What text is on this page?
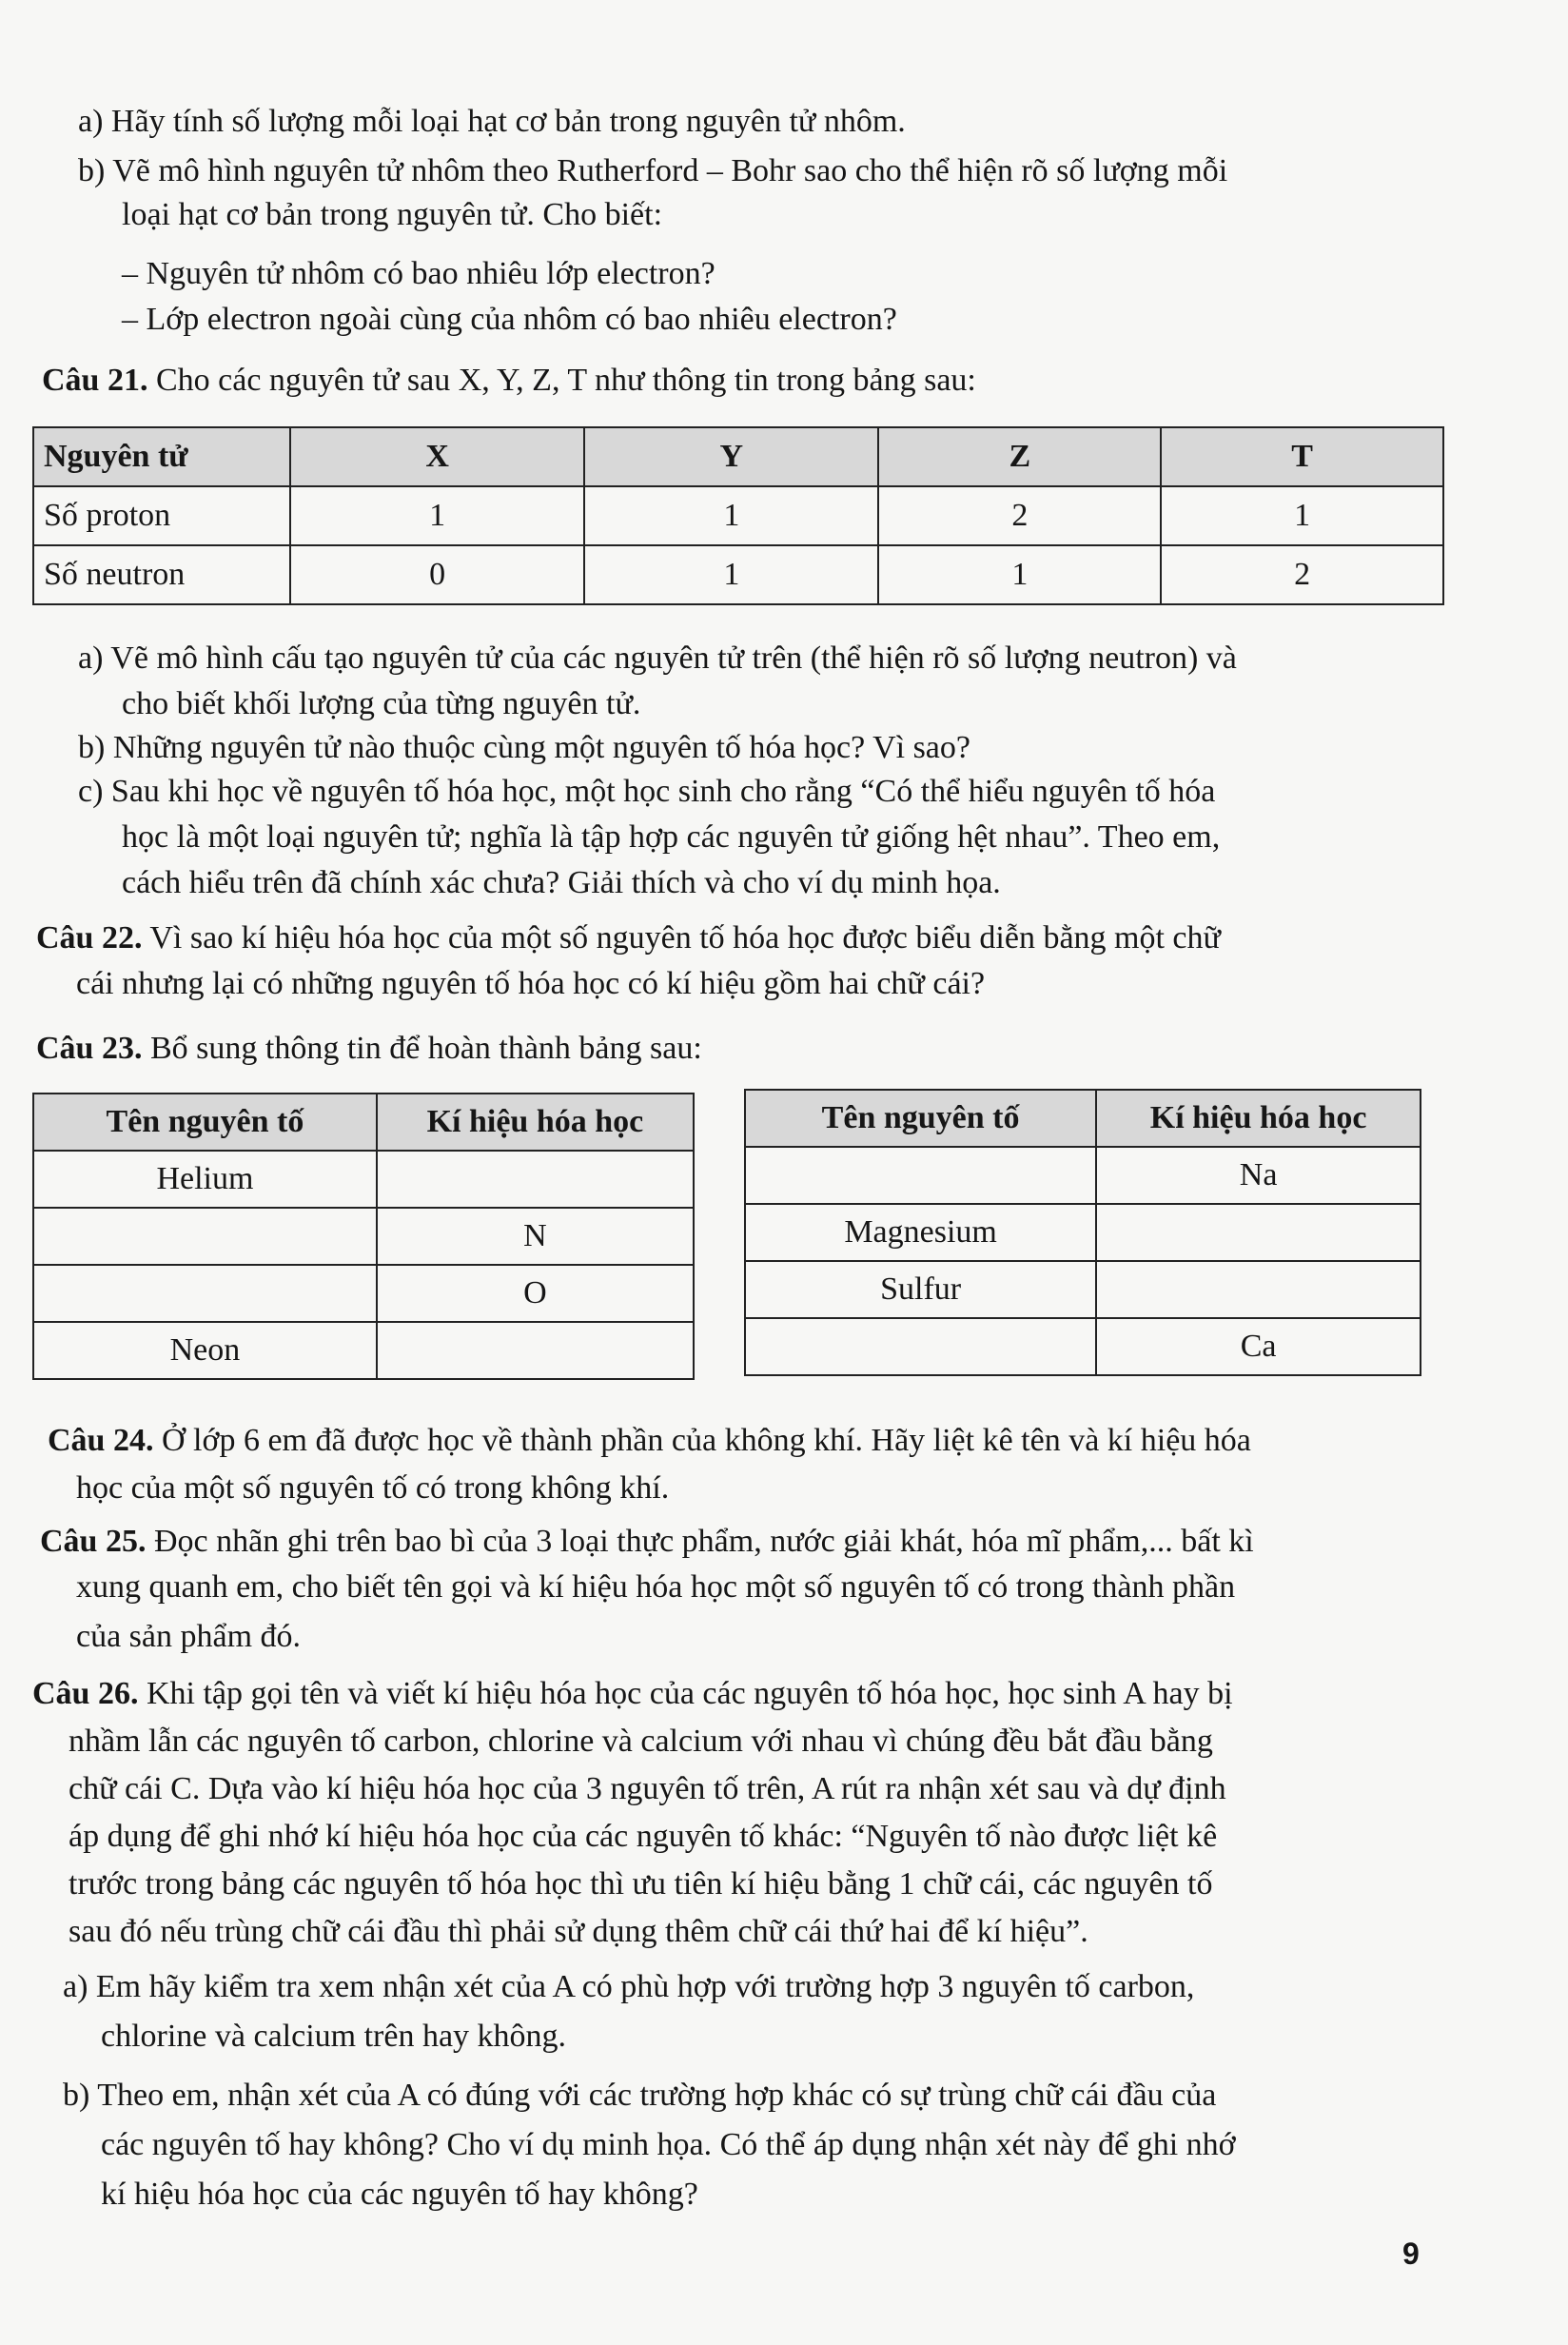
a) Hãy tính số lượng mỗi loại hạt cơ bản trong nguyên tử nhôm.
b) Vẽ mô hình nguyên tử nhôm theo Rutherford – Bohr sao cho thể hiện rõ số lượng mỗi
loại hạt cơ bản trong nguyên tử. Cho biết:
– Nguyên tử nhôm có bao nhiêu lớp electron?
– Lớp electron ngoài cùng của nhôm có bao nhiêu electron?
Câu 21. Cho các nguyên tử sau X, Y, Z, T như thông tin trong bảng sau:
Nguyên tử	X	Y	Z	T
Số proton	1	1	2	1
Số neutron	0	1	1	2
a) Vẽ mô hình cấu tạo nguyên tử của các nguyên tử trên (thể hiện rõ số lượng neutron) và
cho biết khối lượng của từng nguyên tử.
b) Những nguyên tử nào thuộc cùng một nguyên tố hóa học? Vì sao?
c) Sau khi học về nguyên tố hóa học, một học sinh cho rằng “Có thể hiểu nguyên tố hóa
học là một loại nguyên tử; nghĩa là tập hợp các nguyên tử giống hệt nhau”. Theo em,
cách hiểu trên đã chính xác chưa? Giải thích và cho ví dụ minh họa.
Câu 22. Vì sao kí hiệu hóa học của một số nguyên tố hóa học được biểu diễn bằng một chữ
cái nhưng lại có những nguyên tố hóa học có kí hiệu gồm hai chữ cái?
Câu 23. Bổ sung thông tin để hoàn thành bảng sau:
Tên nguyên tố	Kí hiệu hóa học
Helium	
	N
	O
Neon	
Tên nguyên tố	Kí hiệu hóa học
	Na
Magnesium	
Sulfur	
	Ca
Câu 24. Ở lớp 6 em đã được học về thành phần của không khí. Hãy liệt kê tên và kí hiệu hóa
học của một số nguyên tố có trong không khí.
Câu 25. Đọc nhãn ghi trên bao bì của 3 loại thực phẩm, nước giải khát, hóa mĩ phẩm,... bất kì
xung quanh em, cho biết tên gọi và kí hiệu hóa học một số nguyên tố có trong thành phần
của sản phẩm đó.
Câu 26. Khi tập gọi tên và viết kí hiệu hóa học của các nguyên tố hóa học, học sinh A hay bị
nhầm lẫn các nguyên tố carbon, chlorine và calcium với nhau vì chúng đều bắt đầu bằng
chữ cái C. Dựa vào kí hiệu hóa học của 3 nguyên tố trên, A rút ra nhận xét sau và dự định
áp dụng để ghi nhớ kí hiệu hóa học của các nguyên tố khác: “Nguyên tố nào được liệt kê
trước trong bảng các nguyên tố hóa học thì ưu tiên kí hiệu bằng 1 chữ cái, các nguyên tố
sau đó nếu trùng chữ cái đầu thì phải sử dụng thêm chữ cái thứ hai để kí hiệu”.
a) Em hãy kiểm tra xem nhận xét của A có phù hợp với trường hợp 3 nguyên tố carbon,
chlorine và calcium trên hay không.
b) Theo em, nhận xét của A có đúng với các trường hợp khác có sự trùng chữ cái đầu của
các nguyên tố hay không? Cho ví dụ minh họa. Có thể áp dụng nhận xét này để ghi nhớ
kí hiệu hóa học của các nguyên tố hay không?
9
